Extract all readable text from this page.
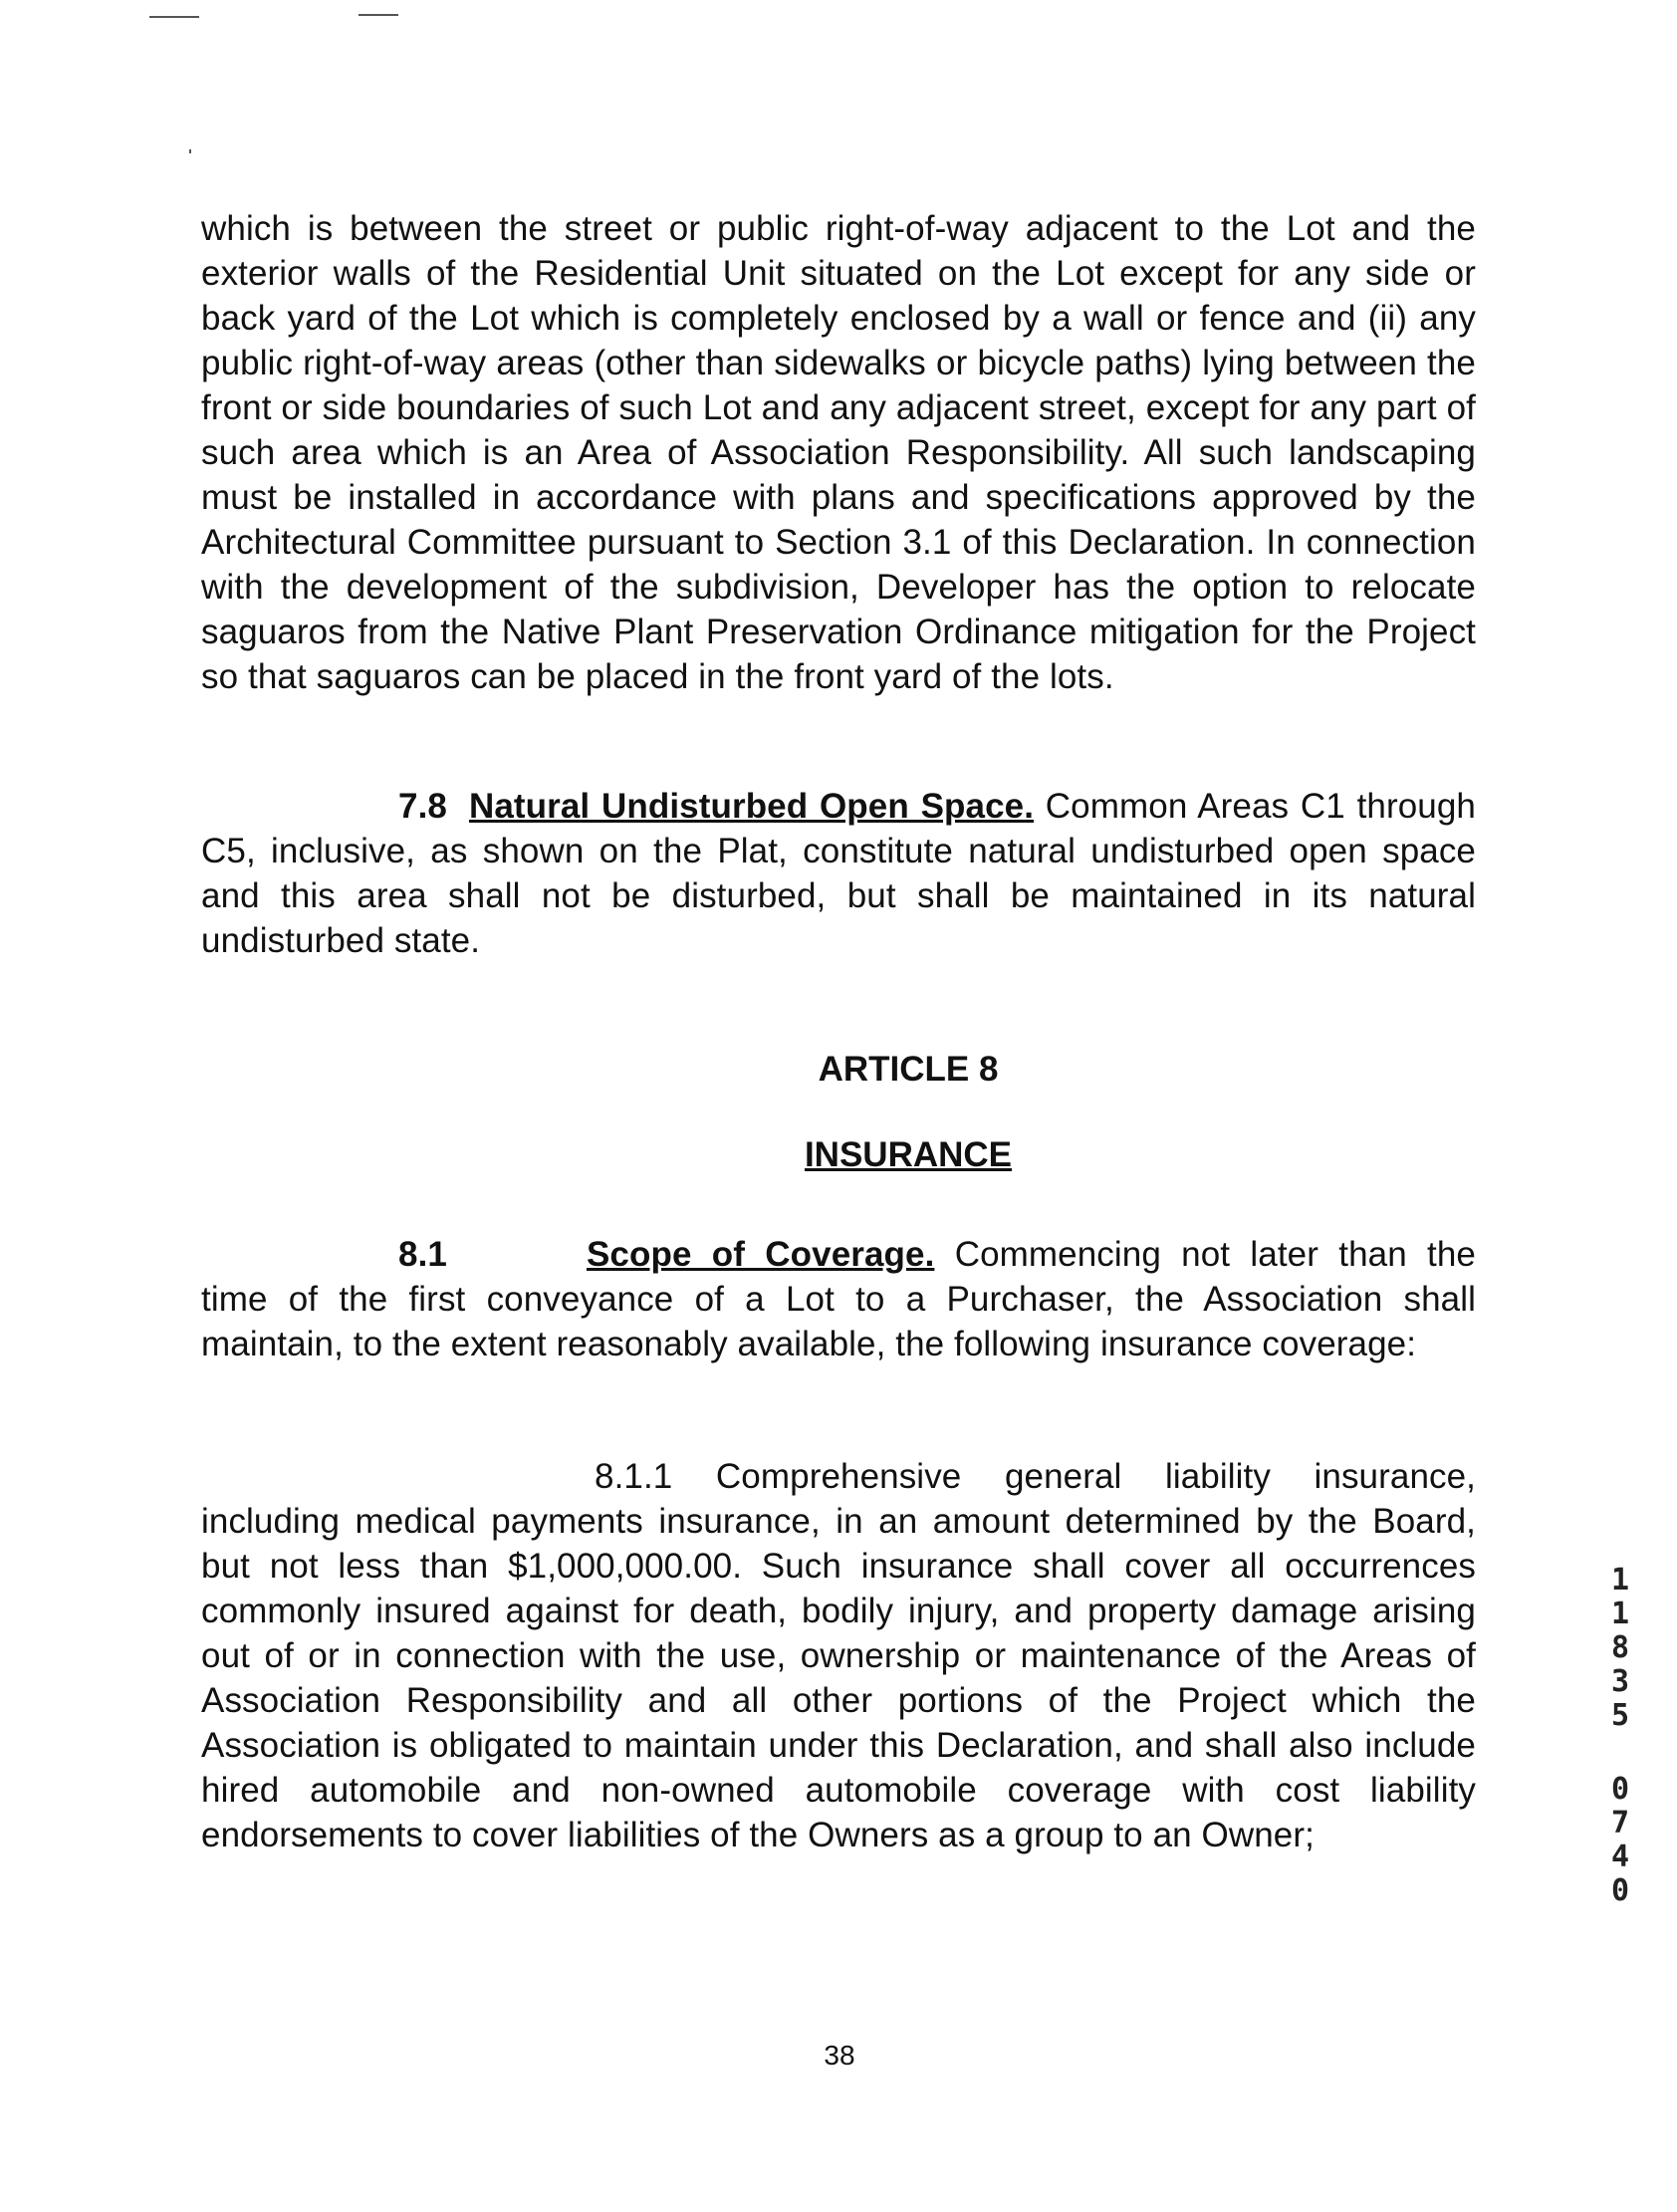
which is between the street or public right-of-way adjacent to the Lot and the exterior walls of the Residential Unit situated on the Lot except for any side or back yard of the Lot which is completely enclosed by a wall or fence and (ii) any public right-of-way areas (other than sidewalks or bicycle paths) lying between the front or side boundaries of such Lot and any adjacent street, except for any part of such area which is an Area of Association Responsibility. All such landscaping must be installed in accordance with plans and specifications approved by the Architectural Committee pursuant to Section 3.1 of this Declaration. In connection with the development of the subdivision, Developer has the option to relocate saguaros from the Native Plant Preservation Ordinance mitigation for the Project so that saguaros can be placed in the front yard of the lots.

7.8 Natural Undisturbed Open Space. Common Areas C1 through C5, inclusive, as shown on the Plat, constitute natural undisturbed open space and this area shall not be disturbed, but shall be maintained in its natural undisturbed state.

ARTICLE 8
INSURANCE

8.1	Scope of Coverage. Commencing not later than the time of the first conveyance of a Lot to a Purchaser, the Association shall maintain, to the extent reasonably available, the following insurance coverage:

8.1.1 Comprehensive general liability insurance, including medical payments insurance, in an amount determined by the Board, but not less than $1,000,000.00. Such insurance shall cover all occurrences commonly insured against for death, bodily injury, and property damage arising out of or in connection with the use, ownership or maintenance of the Areas of Association Responsibility and all other portions of the Project which the Association is obligated to maintain under this Declaration, and shall also include hired automobile and non-owned automobile coverage with cost liability endorsements to cover liabilities of the Owners as a group to an Owner;

38
1
1
8
3
5
0
7
4
0
